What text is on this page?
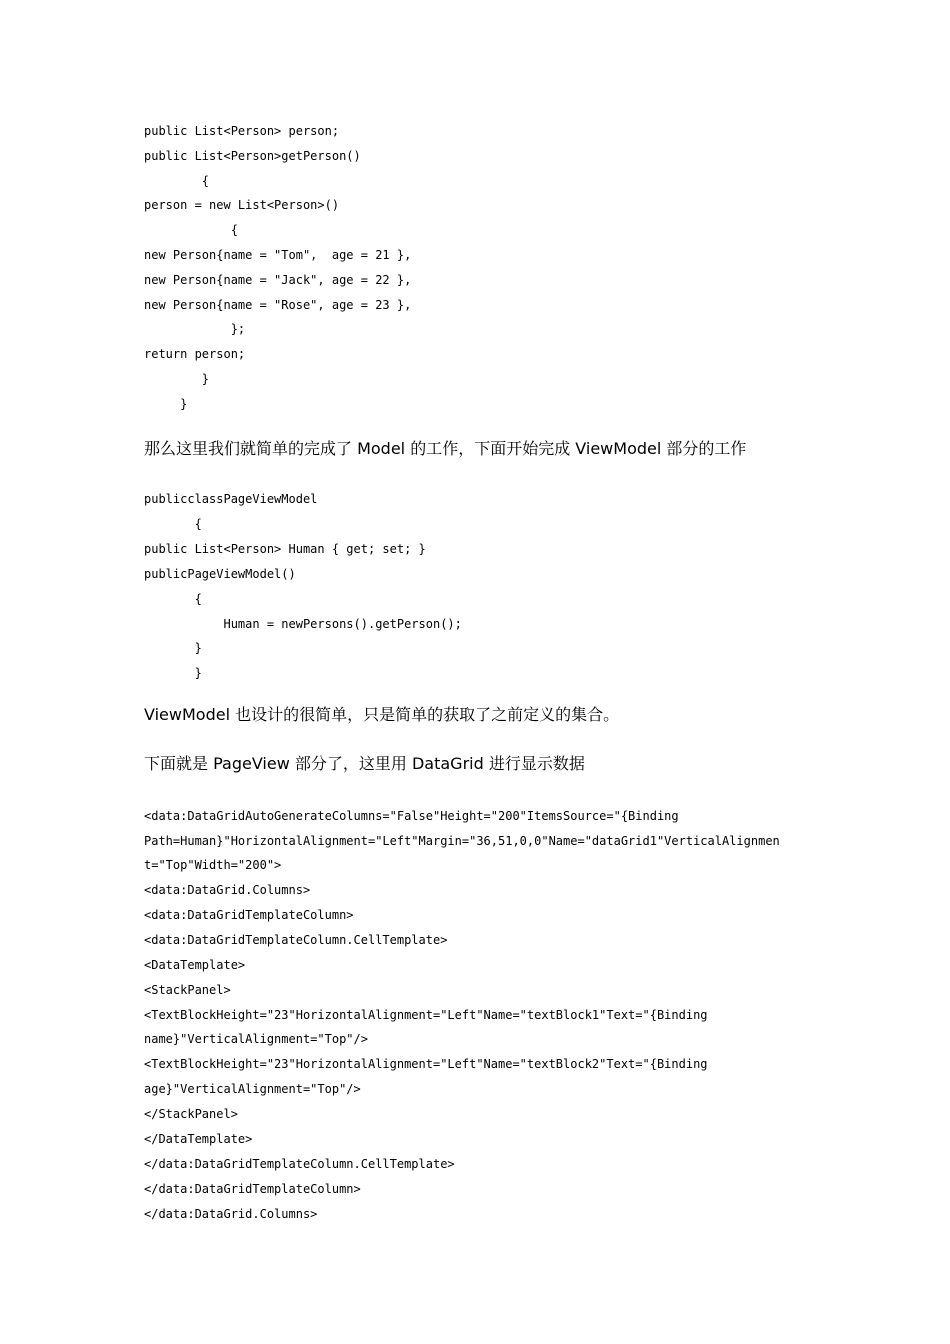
public List<Person> person;
public List<Person>getPerson()
{
person = new List<Person>()
{
new Person{name = "Tom",  age = 21 },
new Person{name = "Jack", age = 22 },
new Person{name = "Rose", age = 23 },
};
return person;
}
}
那么这里我们就简单的完成了 Model 的工作，下面开始完成 ViewModel 部分的工作
publicclassPageViewModel
{
public List<Person> Human { get; set; }
publicPageViewModel()
{
Human = newPersons().getPerson();
}
}
ViewModel 也设计的很简单，只是简单的获取了之前定义的集合。
下面就是 PageView 部分了，这里用 DataGrid 进行显示数据
<data:DataGridAutoGenerateColumns="False"Height="200"ItemsSource="{Binding
Path=Human}"HorizontalAlignment="Left"Margin="36,51,0,0"Name="dataGrid1"VerticalAlignmen
t="Top"Width="200">
<data:DataGrid.Columns>
<data:DataGridTemplateColumn>
<data:DataGridTemplateColumn.CellTemplate>
<DataTemplate>
<StackPanel>
<TextBlockHeight="23"HorizontalAlignment="Left"Name="textBlock1"Text="{Binding
name}"VerticalAlignment="Top"/>
<TextBlockHeight="23"HorizontalAlignment="Left"Name="textBlock2"Text="{Binding
age}"VerticalAlignment="Top"/>
</StackPanel>
</DataTemplate>
</data:DataGridTemplateColumn.CellTemplate>
</data:DataGridTemplateColumn>
</data:DataGrid.Columns>
